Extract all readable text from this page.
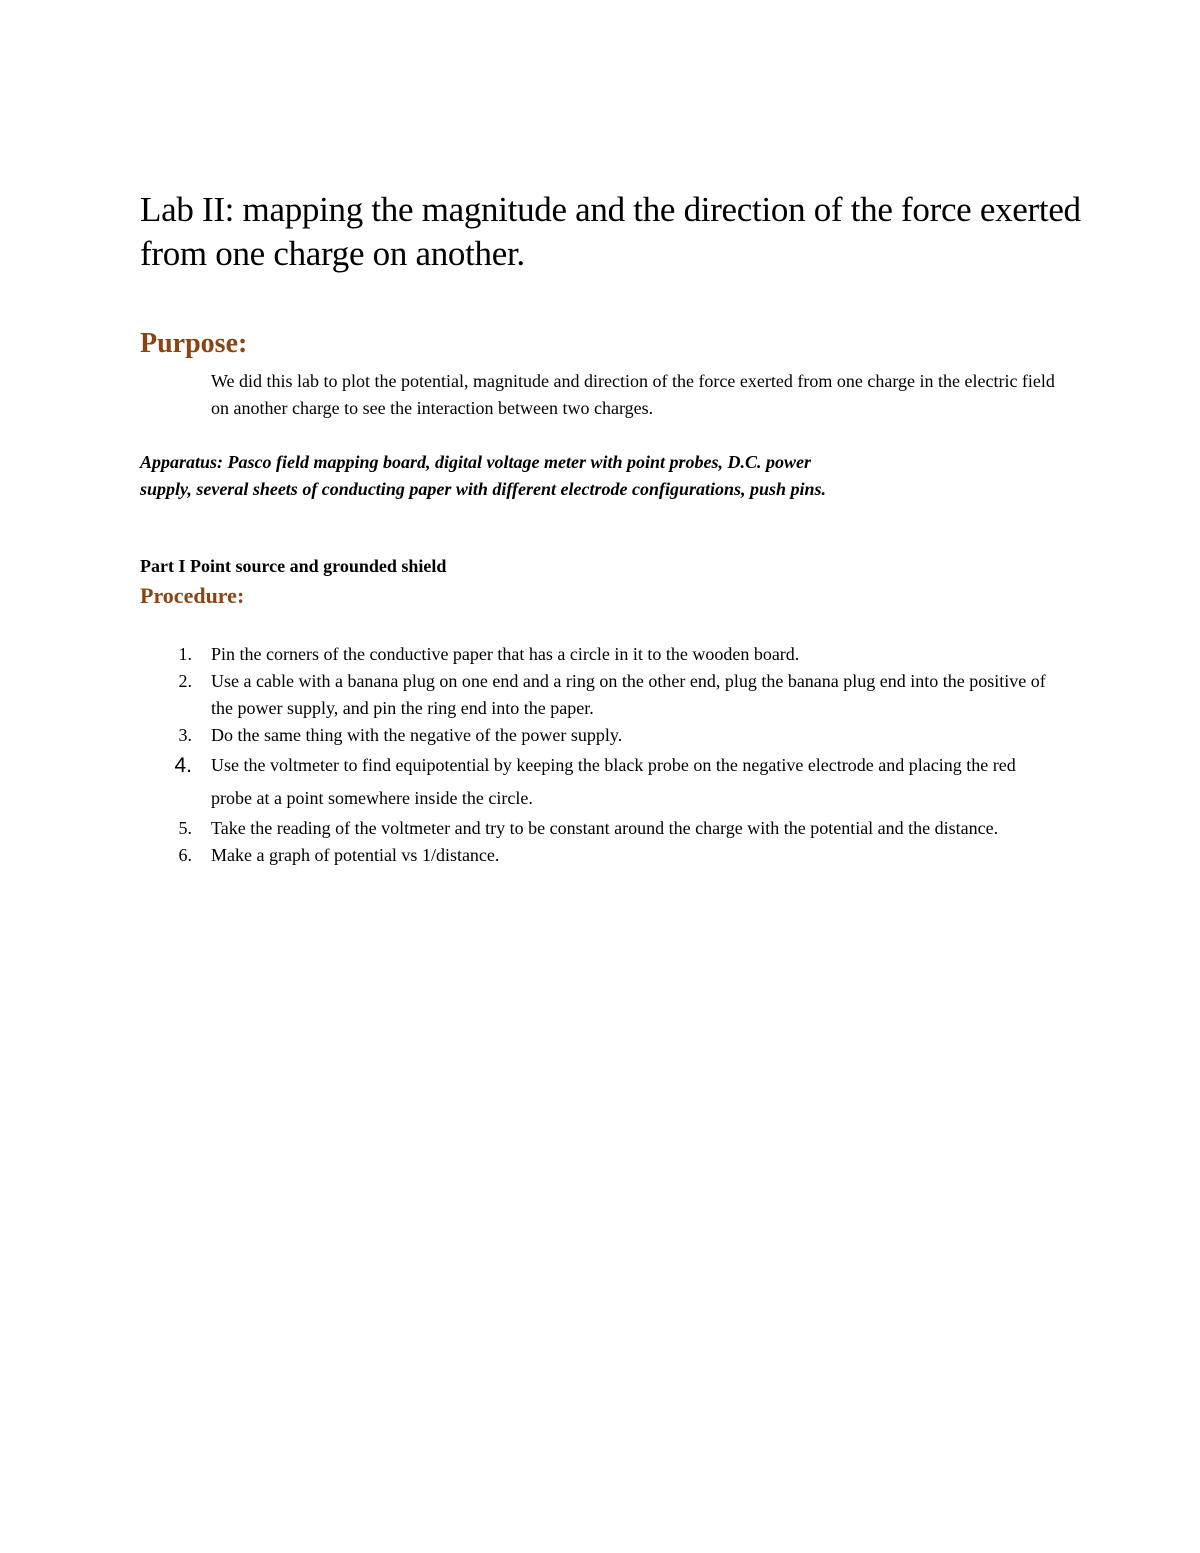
Lab II: mapping the magnitude and the direction of the force exerted from one charge on another.
Purpose:

We did this lab to plot the potential, magnitude and direction of the force exerted from one charge in the electric field on another charge to see the interaction between two charges.

Apparatus: Pasco field mapping board, digital voltage meter with point probes, D.C. power supply, several sheets of conducting paper with different electrode configurations, push pins.

Part I Point source and grounded shield

Procedure:
1.	Pin the corners of the conductive paper that has a circle in it to the wooden board.
2.	Use a cable with a banana plug on one end and a ring on the other end, plug the banana plug end into the positive of the power supply, and pin the ring end into the paper.
3.	Do the same thing with the negative of the power supply.
4.	Use the voltmeter to find equipotential by keeping the black probe on the negative electrode and placing the red probe at a point somewhere inside the circle.
5.	Take the reading of the voltmeter and try to be constant around the charge with the potential and the distance.
6.	Make a graph of potential vs 1/distance.
